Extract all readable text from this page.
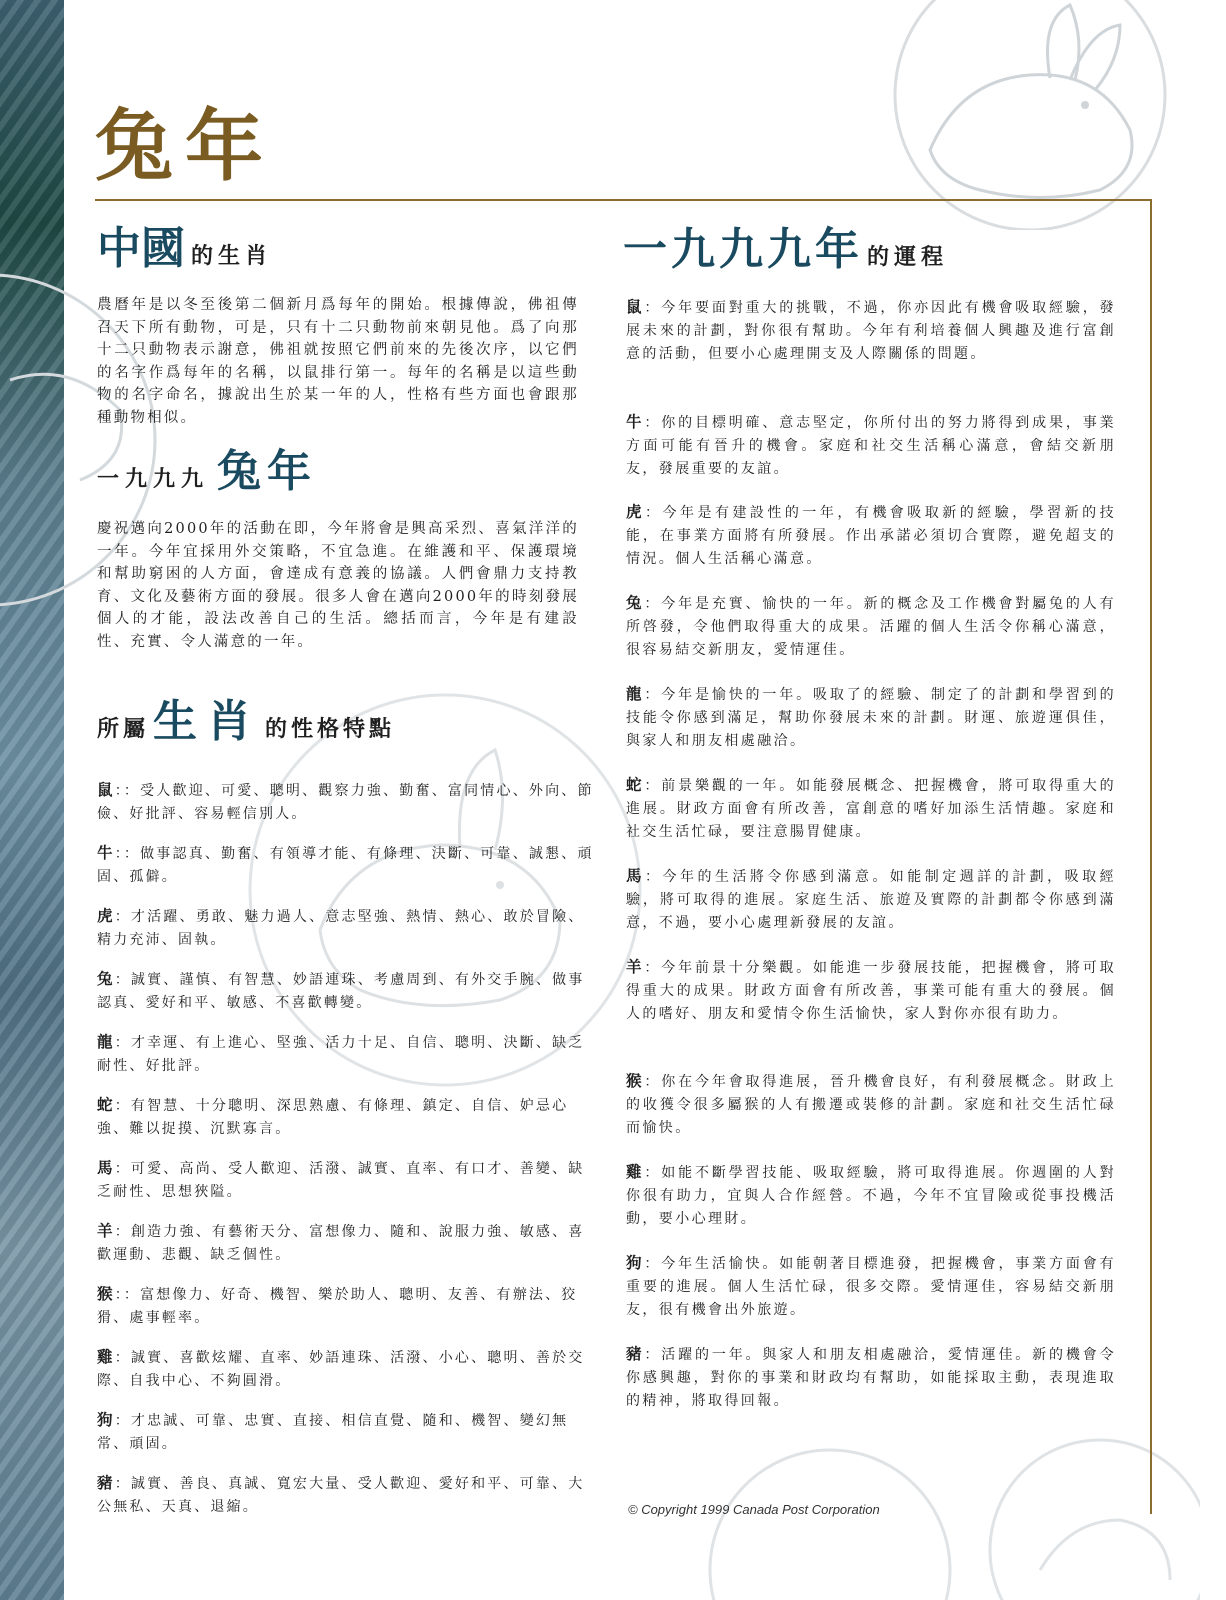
兔年
中國 的生肖

農曆年是以冬至後第二個新月爲每年的開始。根據傳說，佛祖傳召天下所有動物，可是，只有十二只動物前來朝見他。爲了向那十二只動物表示謝意，佛祖就按照它們前來的先後次序，以它們的名字作爲每年的名稱，以鼠排行第一。每年的名稱是以這些動物的名字命名，據說出生於某一年的人，性格有些方面也會跟那種動物相似。

一九九九 兔年

慶祝邁向2000年的活動在即，今年將會是興高采烈、喜氣洋洋的一年。今年宜採用外交策略，不宜急進。在維護和平、保護環境和幫助窮困的人方面，會達成有意義的協議。人們會鼎力支持教育、文化及藝術方面的發展。很多人會在邁向2000年的時刻發展個人的才能，設法改善自己的生活。總括而言，今年是有建設性、充實、令人滿意的一年。

所屬生肖 的性格特點
鼠：：受人歡迎、可愛、聰明、觀察力強、勤奮、富同情心、外向、節儉、好批評、容易輕信別人。
牛：：做事認真、勤奮、有領導才能、有條理、決斷、可靠、誠懇、頑固、孤僻。
虎：才活躍、勇敢、魅力過人、意志堅強、熱情、熱心、敢於冒險、精力充沛、固執。
兔：誠實、謹慎、有智慧、妙語連珠、考慮周到、有外交手腕、做事認真、愛好和平、敏感、不喜歡轉變。
龍：才幸運、有上進心、堅強、活力十足、自信、聰明、決斷、缺乏耐性、好批評。
蛇：有智慧、十分聰明、深思熟慮、有條理、鎮定、自信、妒忌心強、難以捉摸、沉默寡言。
馬：可愛、高尚、受人歡迎、活潑、誠實、直率、有口才、善變、缺乏耐性、思想狹隘。
羊：創造力強、有藝術天分、富想像力、隨和、說服力強、敏感、喜歡運動、悲觀、缺乏個性。
猴：：富想像力、好奇、機智、樂於助人、聰明、友善、有辦法、狡猾、處事輕率。
雞：誠實、喜歡炫耀、直率、妙語連珠、活潑、小心、聰明、善於交際、自我中心、不夠圓滑。
狗：才忠誠、可靠、忠實、直接、相信直覺、隨和、機智、變幻無常、頑固。
豬：誠實、善良、真誠、寬宏大量、受人歡迎、愛好和平、可靠、大公無私、天真、退縮。
一九九九年 的運程
鼠：今年要面對重大的挑戰，不過，你亦因此有機會吸取經驗，發展未來的計劃，對你很有幫助。今年有利培養個人興趣及進行富創意的活動，但要小心處理開支及人際關係的問題。
牛：你的目標明確、意志堅定，你所付出的努力將得到成果，事業方面可能有晉升的機會。家庭和社交生活稱心滿意，會結交新朋友，發展重要的友誼。
虎：今年是有建設性的一年，有機會吸取新的經驗，學習新的技能，在事業方面將有所發展。作出承諾必須切合實際，避免超支的情況。個人生活稱心滿意。
兔：今年是充實、愉快的一年。新的概念及工作機會對屬兔的人有所啓發，令他們取得重大的成果。活躍的個人生活令你稱心滿意，很容易結交新朋友，愛情運佳。
龍：今年是愉快的一年。吸取了的經驗、制定了的計劃和學習到的技能令你感到滿足，幫助你發展未來的計劃。財運、旅遊運俱佳，與家人和朋友相處融洽。
蛇：前景樂觀的一年。如能發展概念、把握機會，將可取得重大的進展。財政方面會有所改善，富創意的嗜好加添生活情趣。家庭和社交生活忙碌，要注意腸胃健康。
馬：今年的生活將令你感到滿意。如能制定週詳的計劃，吸取經驗，將可取得的進展。家庭生活、旅遊及實際的計劃都令你感到滿意，不過，要小心處理新發展的友誼。
羊：今年前景十分樂觀。如能進一步發展技能，把握機會，將可取得重大的成果。財政方面會有所改善，事業可能有重大的發展。個人的嗜好、朋友和愛情令你生活愉快，家人對你亦很有助力。
猴：你在今年會取得進展，晉升機會良好，有利發展概念。財政上的收獲令很多屬猴的人有搬遷或裝修的計劃。家庭和社交生活忙碌而愉快。
雞：如能不斷學習技能、吸取經驗，將可取得進展。你週圍的人對你很有助力，宜與人合作經營。不過，今年不宜冒險或從事投機活動，要小心理財。
狗：今年生活愉快。如能朝著目標進發，把握機會，事業方面會有重要的進展。個人生活忙碌，很多交際。愛情運佳，容易結交新朋友，很有機會出外旅遊。
豬：活躍的一年。與家人和朋友相處融洽，愛情運佳。新的機會令你感興趣，對你的事業和財政均有幫助，如能採取主動，表現進取的精神，將取得回報。

© Copyright 1999 Canada Post Corporation
